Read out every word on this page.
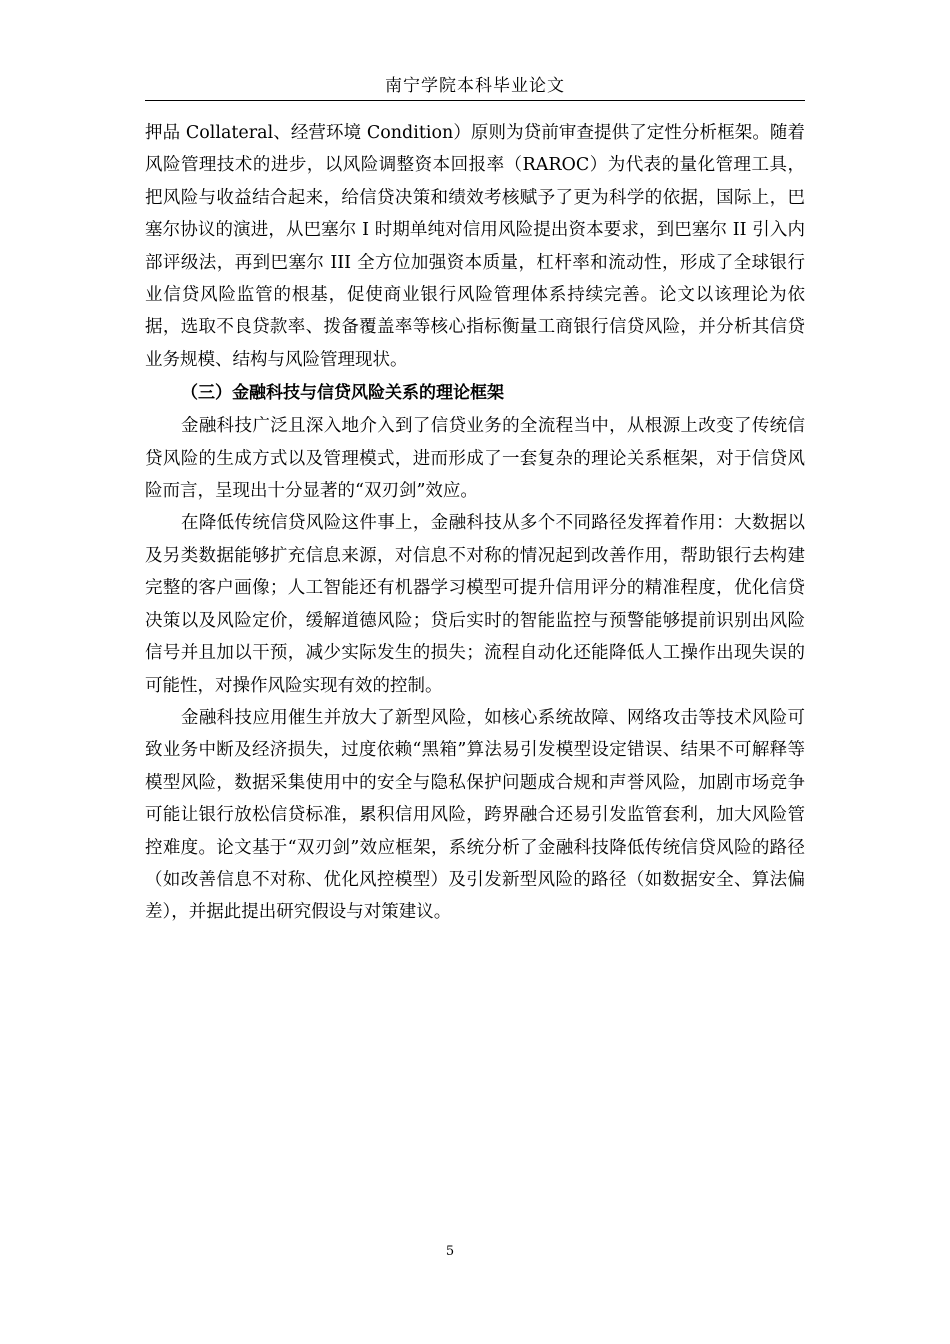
南宁学院本科毕业论文

押品 Collateral、经营环境 Condition）原则为贷前审查提供了定性分析框架。随着风险管理技术的进步，以风险调整资本回报率（RAROC）为代表的量化管理工具，把风险与收益结合起来，给信贷决策和绩效考核赋予了更为科学的依据，国际上，巴塞尔协议的演进，从巴塞尔 I 时期单纯对信用风险提出资本要求，到巴塞尔 II 引入内部评级法，再到巴塞尔 III 全方位加强资本质量，杠杆率和流动性，形成了全球银行业信贷风险监管的根基，促使商业银行风险管理体系持续完善。论文以该理论为依据，选取不良贷款率、拨备覆盖率等核心指标衡量工商银行信贷风险，并分析其信贷业务规模、结构与风险管理现状。

（三）金融科技与信贷风险关系的理论框架

金融科技广泛且深入地介入到了信贷业务的全流程当中，从根源上改变了传统信贷风险的生成方式以及管理模式，进而形成了一套复杂的理论关系框架，对于信贷风险而言，呈现出十分显著的“双刃剑”效应。

在降低传统信贷风险这件事上，金融科技从多个不同路径发挥着作用：大数据以及另类数据能够扩充信息来源，对信息不对称的情况起到改善作用，帮助银行去构建完整的客户画像；人工智能还有机器学习模型可提升信用评分的精准程度，优化信贷决策以及风险定价，缓解道德风险；贷后实时的智能监控与预警能够提前识别出风险信号并且加以干预，减少实际发生的损失；流程自动化还能降低人工操作出现失误的可能性，对操作风险实现有效的控制。

金融科技应用催生并放大了新型风险，如核心系统故障、网络攻击等技术风险可致业务中断及经济损失，过度依赖“黑箱”算法易引发模型设定错误、结果不可解释等模型风险，数据采集使用中的安全与隐私保护问题成合规和声誉风险，加剧市场竞争可能让银行放松信贷标准，累积信用风险，跨界融合还易引发监管套利，加大风险管控难度。论文基于“双刃剑”效应框架，系统分析了金融科技降低传统信贷风险的路径（如改善信息不对称、优化风控模型）及引发新型风险的路径（如数据安全、算法偏差），并据此提出研究假设与对策建议。

5
